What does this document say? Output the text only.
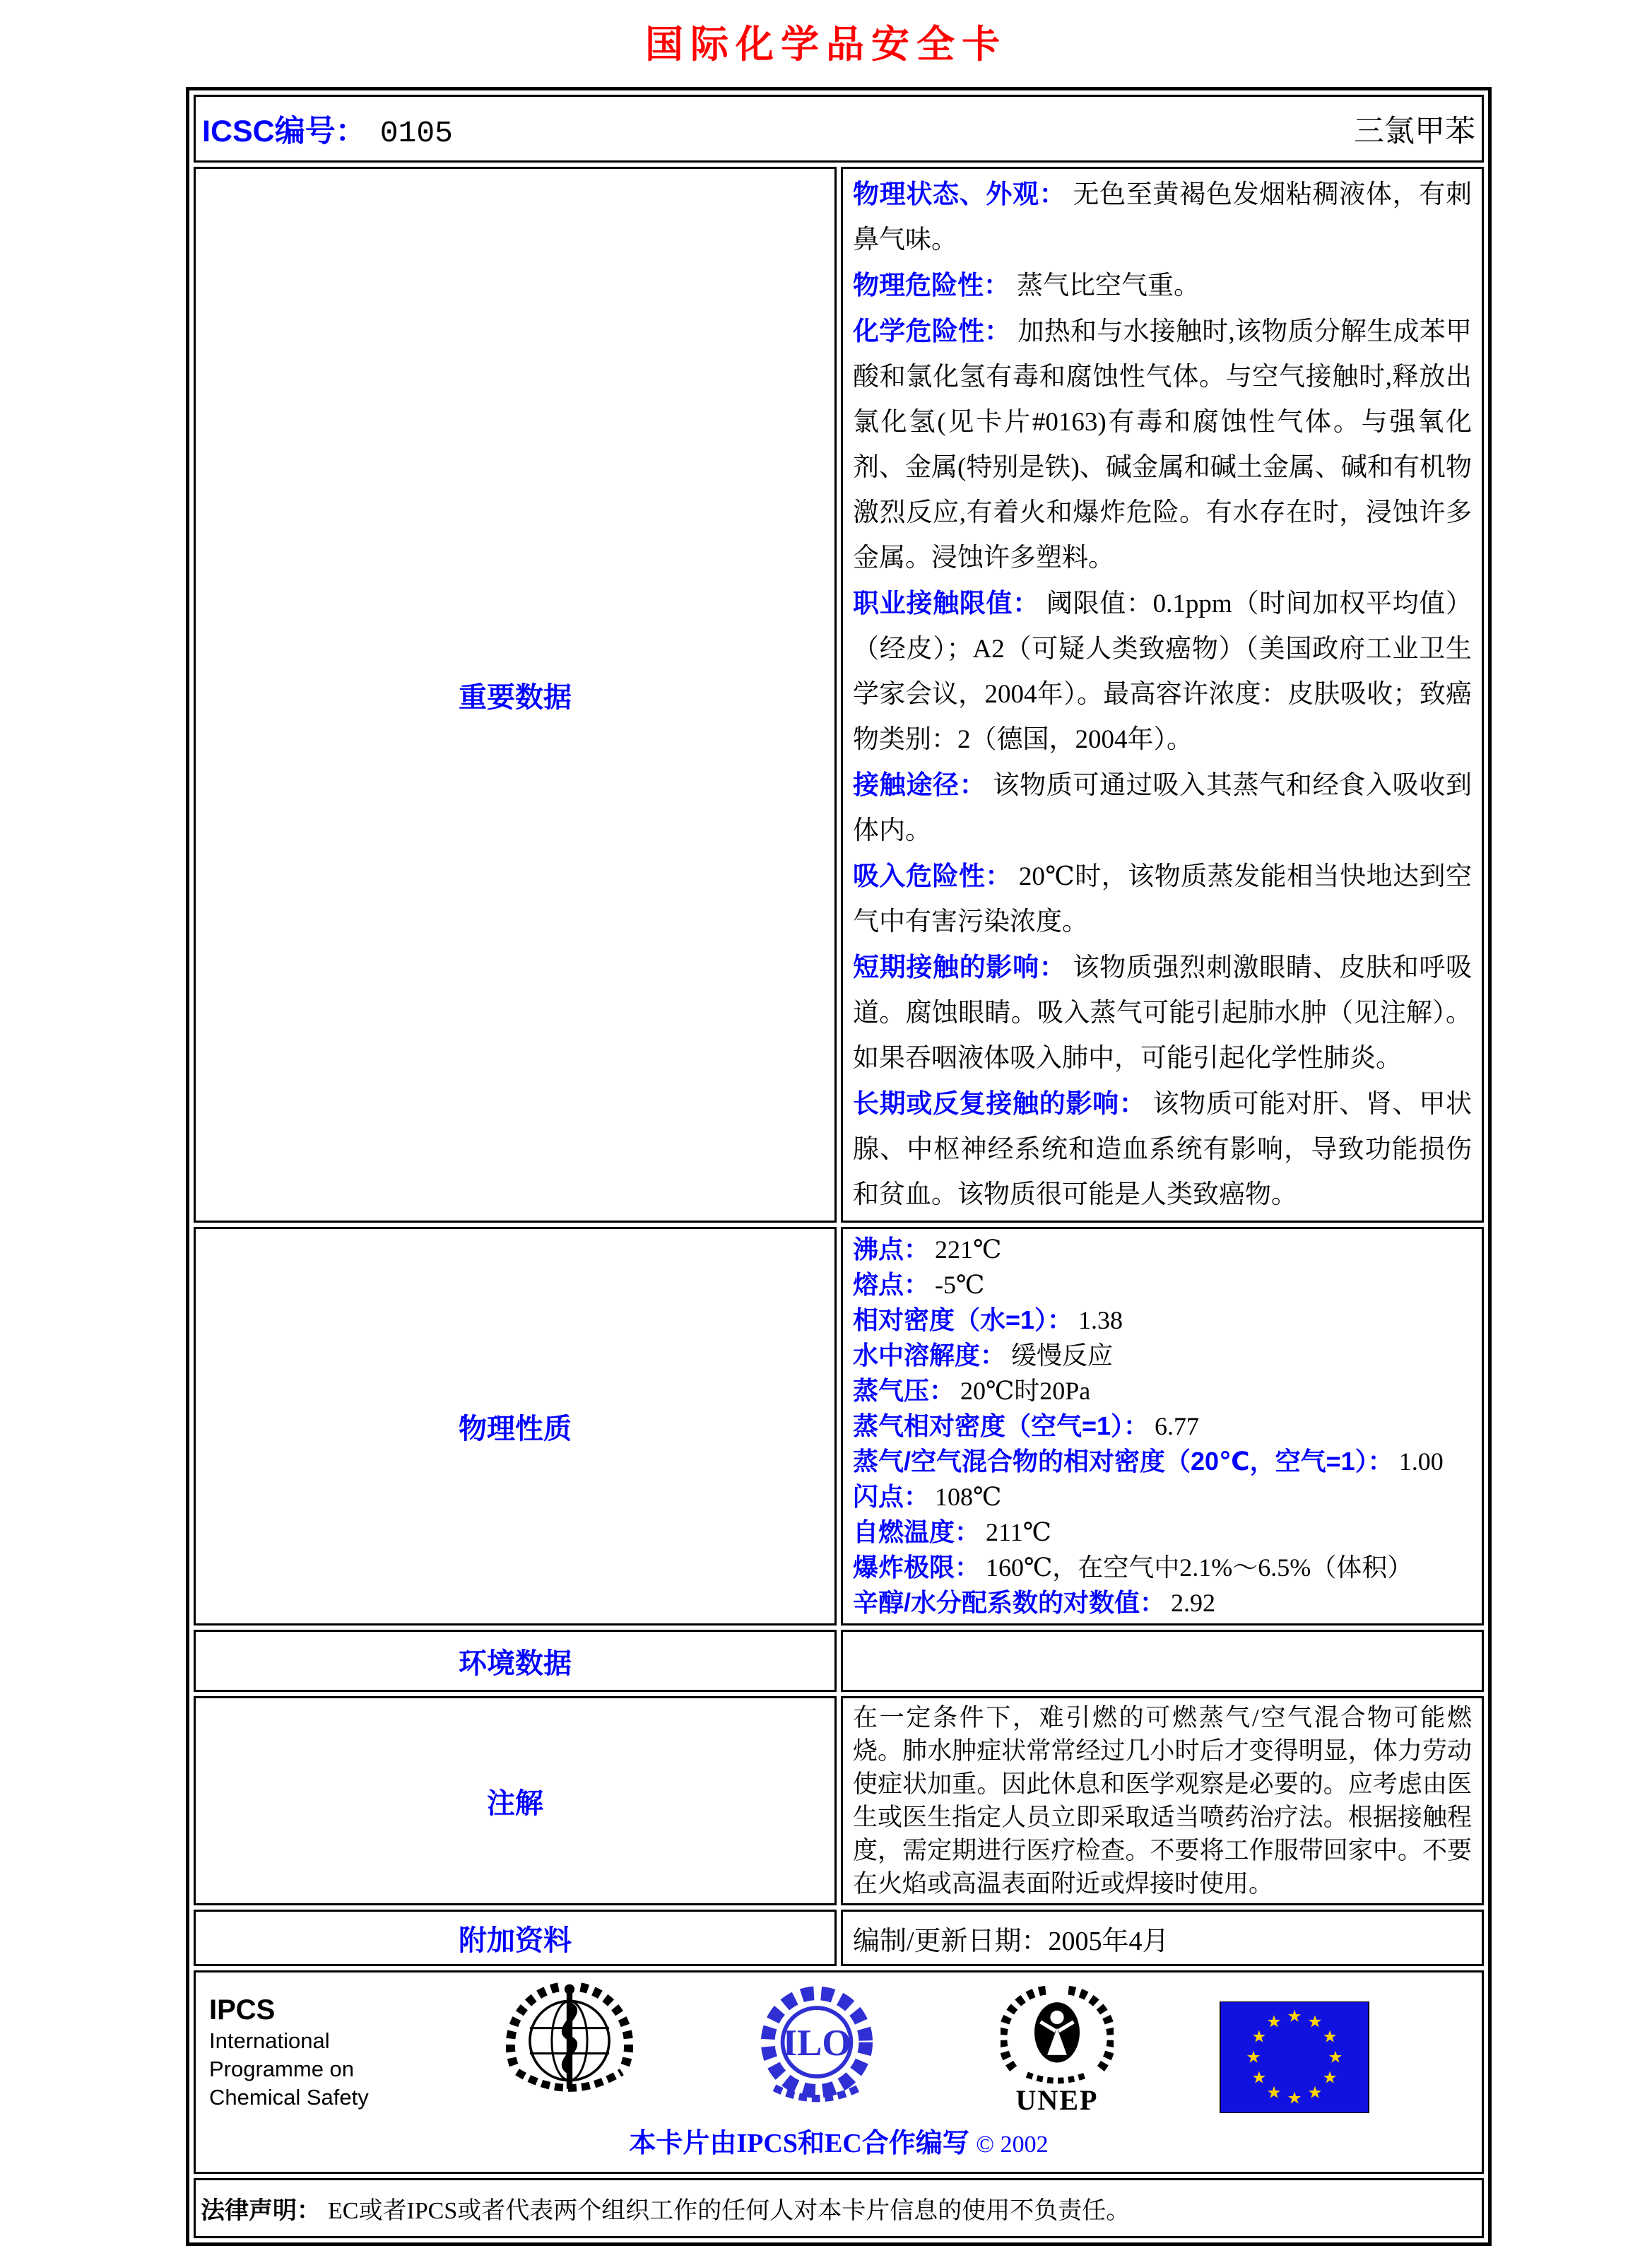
国际化学品安全卡
ICSC编号： 0105 三氯甲苯	

重要数据	

物理状态、外观： 无色至黄褐色发烟粘稠液体，有刺鼻气味。

物理危险性： 蒸气比空气重。

化学危险性： 加热和与水接触时,该物质分解生成苯甲酸和氯化氢有毒和腐蚀性气体。与空气接触时,释放出氯化氢(见卡片#0163)有毒和腐蚀性气体。与强氧化剂、金属(特别是铁)、碱金属和碱土金属、碱和有机物激烈反应,有着火和爆炸危险。有水存在时，浸蚀许多金属。浸蚀许多塑料。

职业接触限值： 阈限值：0.1ppm（时间加权平均值）（经皮）；A2（可疑人类致癌物）（美国政府工业卫生学家会议，2004年）。最高容许浓度：皮肤吸收；致癌物类别：2（德国，2004年）。

接触途径： 该物质可通过吸入其蒸气和经食入吸收到体内。

吸入危险性： 20℃时，该物质蒸发能相当快地达到空气中有害污染浓度。

短期接触的影响： 该物质强烈刺激眼睛、皮肤和呼吸道。腐蚀眼睛。吸入蒸气可能引起肺水肿（见注解）。如果吞咽液体吸入肺中，可能引起化学性肺炎。

长期或反复接触的影响： 该物质可能对肝、肾、甲状腺、中枢神经系统和造血系统有影响，导致功能损伤和贫血。该物质很可能是人类致癌物。

物理性质	

沸点： 221℃

熔点： -5℃

相对密度（水=1）： 1.38

水中溶解度： 缓慢反应

蒸气压： 20℃时20Pa

蒸气相对密度（空气=1）： 6.77

蒸气/空气混合物的相对密度（20℃，空气=1）： 1.00

闪点： 108℃

自燃温度： 211℃

爆炸极限： 160℃，在空气中2.1%～6.5%（体积）

辛醇/水分配系数的对数值： 2.92

环境数据	
注解	在一定条件下，难引燃的可燃蒸气/空气混合物可能燃烧。肺水肿症状常常经过几小时后才变得明显，体力劳动使症状加重。因此休息和医学观察是必要的。应考虑由医生或医生指定人员立即采取适当喷药治疗法。根据接触程度，需定期进行医疗检查。不要将工作服带回家中。不要在火焰或高温表面附近或焊接时使用。

附加资料	编制/更新日期：2005年4月

IPCS
International
Programme on
Chemical Safety
ILO
UNEP
本卡片由IPCS和EC合作编写 © 2002

法律声明： EC或者IPCS或者代表两个组织工作的任何人对本卡片信息的使用不负责任。	
